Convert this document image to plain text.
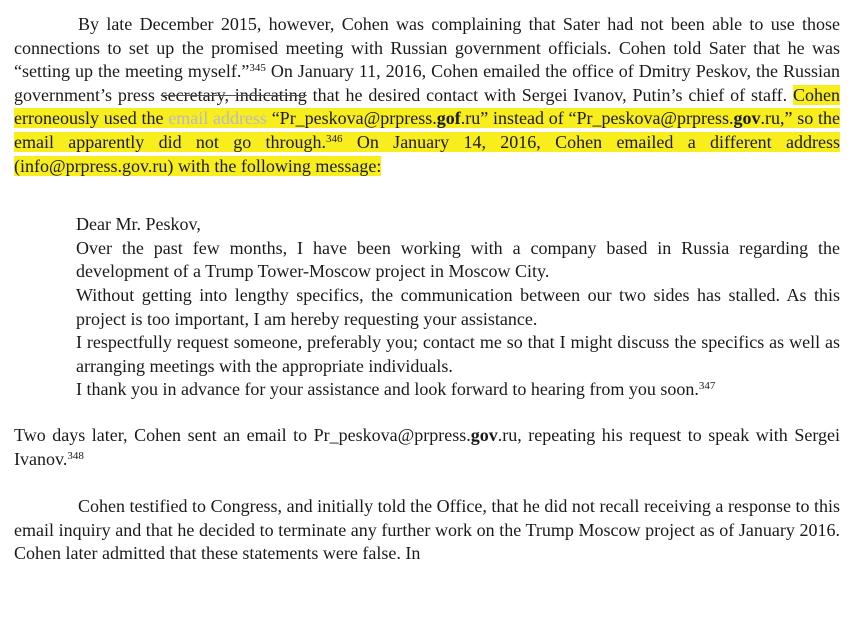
By late December 2015, however, Cohen was complaining that Sater had not been able to use those connections to set up the promised meeting with Russian government officials. Cohen told Sater that he was “setting up the meeting myself.”$^{345}$ On January 11, 2016, Cohen emailed the office of Dmitry Peskov, the Russian government’s press secretary, indicating that he desired contact with Sergei Ivanov, Putin’s chief of staff. Cohen erroneously used the email address “Pr_peskova@prpress.gof.ru” instead of “Pr_peskova@prpress.gov.ru,” so the email apparently did not go through.$^{346}$ On January 14, 2016, Cohen emailed a different address (info@prpress.gov.ru) with the following message:

Dear Mr. Peskov,

Over the past few months, I have been working with a company based in Russia regarding the development of a Trump Tower-Moscow project in Moscow City.

Without getting into lengthy specifics, the communication between our two sides has stalled. As this project is too important, I am hereby requesting your assistance.

I respectfully request someone, preferably you; contact me so that I might discuss the specifics as well as arranging meetings with the appropriate individuals.

I thank you in advance for your assistance and look forward to hearing from you soon.$^{347}$

Two days later, Cohen sent an email to Pr_peskova@prpress.gov.ru, repeating his request to speak with Sergei Ivanov.$^{348}$

Cohen testified to Congress, and initially told the Office, that he did not recall receiving a response to this email inquiry and that he decided to terminate any further work on the Trump Moscow project as of January 2016. Cohen later admitted that these statements were false. In
